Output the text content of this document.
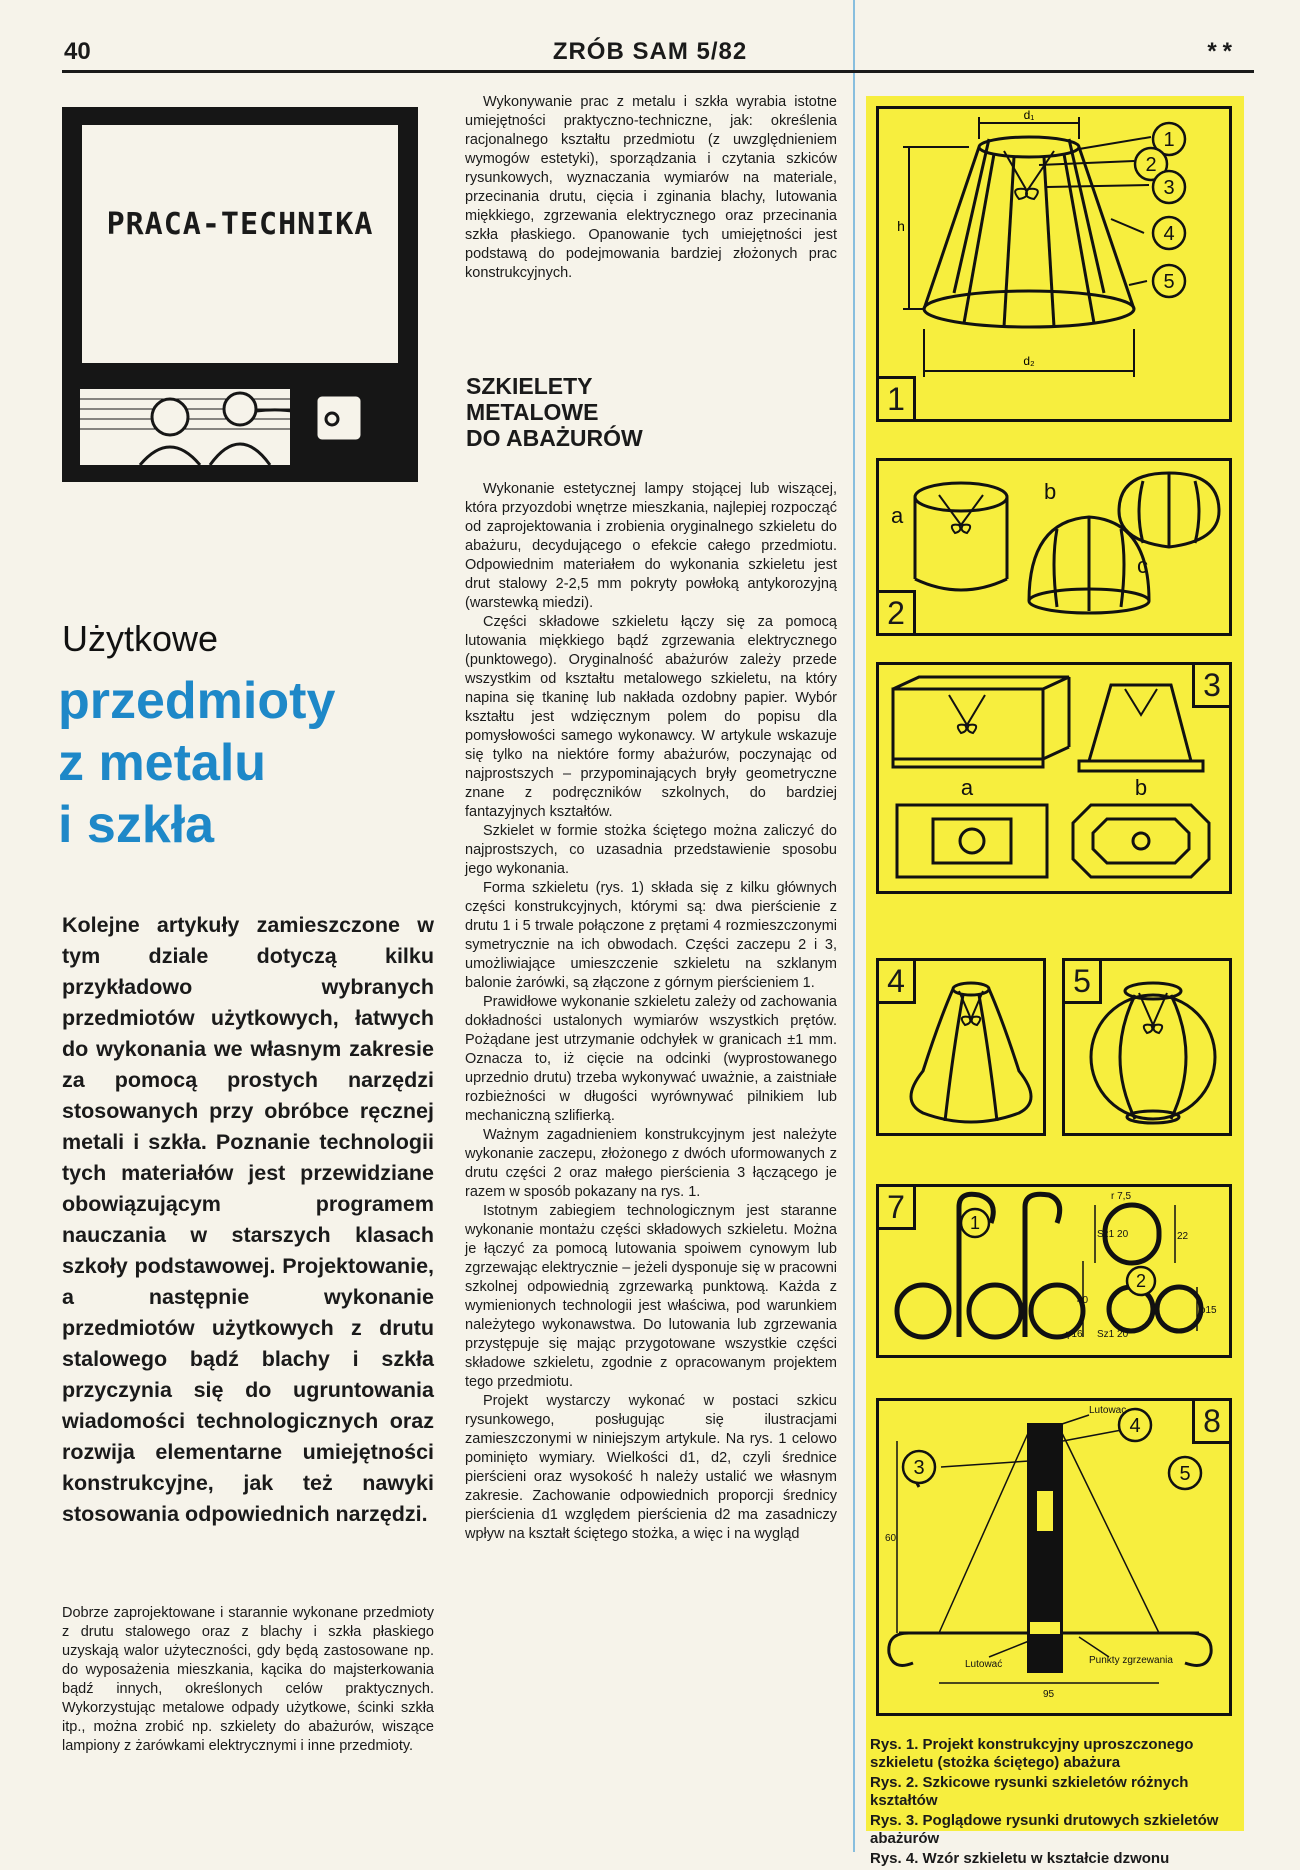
40	ZRÓB SAM 5/82	**
PRACA-TECHNIKA
Użytkowe
przedmioty
z metalu
i szkła
Kolejne artykuły zamieszczone w tym dziale dotyczą kilku przykładowo wybranych przedmiotów użytkowych, łatwych do wykonania we własnym zakresie za pomocą prostych narzędzi stosowanych przy obróbce ręcznej metali i szkła. Poznanie technologii tych materiałów jest przewidziane obowiązującym programem nauczania w starszych klasach szkoły podstawowej. Projektowanie, a następnie wykonanie przedmiotów użytkowych z drutu stalowego bądź blachy i szkła przyczynia się do ugruntowania wiadomości technologicznych oraz rozwija elementarne umiejętności konstrukcyjne, jak też nawyki stosowania odpowiednich narzędzi.
Dobrze zaprojektowane i starannie wykonane przedmioty z drutu stalowego oraz z blachy i szkła płaskiego uzyskają walor użyteczności, gdy będą zastosowane np. do wyposażenia mieszkania, kącika do majsterkowania bądź innych, określonych celów praktycznych. Wykorzystując metalowe odpady użytkowe, ścinki szkła itp., można zrobić np. szkielety do abażurów, wiszące lampiony z żarówkami elektrycznymi i inne przedmioty.

Wykonywanie prac z metalu i szkła wyrabia istotne umiejętności praktyczno-techniczne, jak: określenia racjonalnego kształtu przedmiotu (z uwzględnieniem wymogów estetyki), sporządzania i czytania szkiców rysunkowych, wyznaczania wymiarów na materiale, przecinania drutu, cięcia i zginania blachy, lutowania miękkiego, zgrzewania elektrycznego oraz przecinania szkła płaskiego. Opanowanie tych umiejętności jest podstawą do podejmowania bardziej złożonych prac konstrukcyjnych.

SZKIELETY
METALOWE
DO ABAŻURÓW

Wykonanie estetycznej lampy stojącej lub wiszącej, która przyozdobi wnętrze mieszkania, najlepiej rozpocząć od zaprojektowania i zrobienia oryginalnego szkieletu do abażuru, decydującego o efekcie całego przedmiotu. Odpowiednim materiałem do wykonania szkieletu jest drut stalowy 2-2,5 mm pokryty powłoką antykorozyjną (warstewką miedzi).

Części składowe szkieletu łączy się za pomocą lutowania miękkiego bądź zgrzewania elektrycznego (punktowego). Oryginalność abażurów zależy przede wszystkim od kształtu metalowego szkieletu, na który napina się tkaninę lub nakłada ozdobny papier. Wybór kształtu jest wdzięcznym polem do popisu dla pomysłowości samego wykonawcy. W artykule wskazuje się tylko na niektóre formy abażurów, poczynając od najprostszych – przypominających bryły geometryczne znane z podręczników szkolnych, do bardziej fantazyjnych kształtów.

Szkielet w formie stożka ściętego można zaliczyć do najprostszych, co uzasadnia przedstawienie sposobu jego wykonania.

Forma szkieletu (rys. 1) składa się z kilku głównych części konstrukcyjnych, którymi są: dwa pierścienie z drutu 1 i 5 trwale połączone z prętami 4 rozmieszczonymi symetrycznie na ich obwodach. Części zaczepu 2 i 3, umożliwiające umieszczenie szkieletu na szklanym balonie żarówki, są złączone z górnym pierścieniem 1.

Prawidłowe wykonanie szkieletu zależy od zachowania dokładności ustalonych wymiarów wszystkich prętów. Pożądane jest utrzymanie odchyłek w granicach ±1 mm. Oznacza to, iż cięcie na odcinki (wyprostowanego uprzednio drutu) trzeba wykonywać uważnie, a zaistniałe rozbieżności w długości wyrównywać pilnikiem lub mechaniczną szlifierką.

Ważnym zagadnieniem konstrukcyjnym jest należyte wykonanie zaczepu, złożonego z dwóch uformowanych z drutu części 2 oraz małego pierścienia 3 łączącego je razem w sposób pokazany na rys. 1.

Istotnym zabiegiem technologicznym jest staranne wykonanie montażu części składowych szkieletu. Można je łączyć za pomocą lutowania spoiwem cynowym lub zgrzewając elektrycznie – jeżeli dysponuje się w pracowni szkolnej odpowiednią zgrzewarką punktową. Każda z wymienionych technologii jest właściwa, pod warunkiem należytego wykonawstwa. Do lutowania lub zgrzewania przystępuje się mając przygotowane wszystkie części składowe szkieletu, zgodnie z opracowanym projektem tego przedmiotu.

Projekt wystarczy wykonać w postaci szkicu rysunkowego, posługując się ilustracjami zamieszczonymi w niniejszym artykule. Na rys. 1 celowo pominięto wymiary. Wielkości d1, d2, czyli średnice pierścieni oraz wysokość h należy ustalić we własnym zakresie. Zachowanie odpowiednich proporcji średnicy pierścienia d1 względem pierścienia d2 ma zasadniczy wpływ na kształt ściętego stożka, a więc i na wygląd

1
2
3
4
5
d₁
d₂
h
1
a
b
c
2
a	b
3
4	5
1
2
r 7,5
Sz1 20
Sz1 20
40
22
φ16
φ15
7
3
4
5
Lutowac
Lutować	Punkty zgrzewania
60
95
8
Rys. 1. Projekt konstrukcyjny uproszczonego szkieletu (stożka ściętego) abażura
Rys. 2. Szkicowe rysunki szkieletów różnych kształtów
Rys. 3. Poglądowe rysunki drutowych szkieletów abażurów
Rys. 4. Wzór szkieletu w kształcie dzwonu
